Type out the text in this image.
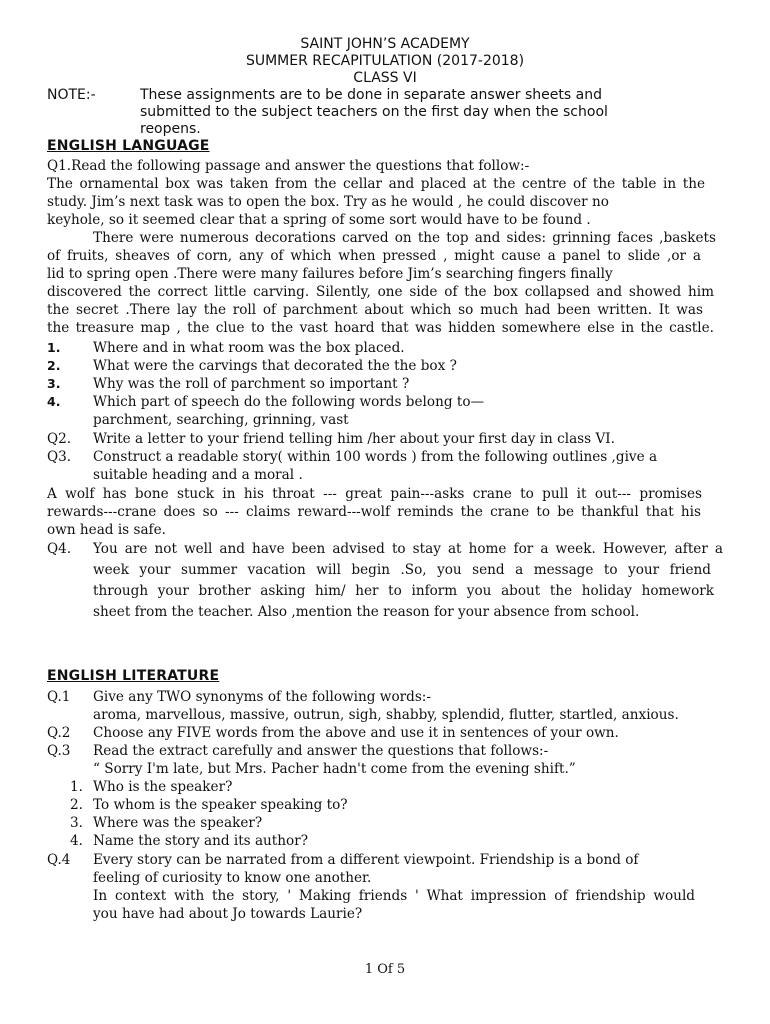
SAINT JOHN’S ACADEMY
SUMMER RECAPITULATION (2017-2018)
CLASS VI
NOTE:-	These assignments are to be done in separate answer sheets and
submitted to the subject teachers on the first day when the school
reopens.
ENGLISH LANGUAGE
Q1.Read the following passage and answer the questions that follow:-
The ornamental box was taken from the cellar and placed at the centre of the table in the
study. Jim’s next task was to open the box. Try as he would , he could discover no
keyhole, so it seemed clear that a spring of some sort would have to be found .
There were numerous decorations carved on the top and sides: grinning faces ,baskets
of fruits, sheaves of corn, any of which when pressed , might cause a panel to slide ,or a
lid to spring open .There were many failures before Jim’s searching fingers finally
discovered the correct little carving. Silently, one side of the box collapsed and showed him
the secret .There lay the roll of parchment about which so much had been written. It was
the treasure map , the clue to the vast hoard that was hidden somewhere else in the castle.
1. Where and in what room was the box placed.
2. What were the carvings that decorated the the box ?
3. Why was the roll of parchment so important ?
4. Which part of speech do the following words belong to—
parchment, searching, grinning, vast
Q2. Write a letter to your friend telling him /her about your first day in class VI.
Q3. Construct a readable story( within 100 words ) from the following outlines ,give a
suitable heading and a moral .
A wolf has bone stuck in his throat --- great pain---asks crane to pull it out--- promises
rewards---crane does so --- claims reward---wolf reminds the crane to be thankful that his
own head is safe.
Q4. You are not well and have been advised to stay at home for a week. However, after a
week your summer vacation will begin .So, you send a message to your friend
through your brother asking him/ her to inform you about the holiday homework
sheet from the teacher. Also ,mention the reason for your absence from school.
ENGLISH LITERATURE
Q.1 Give any TWO synonyms of the following words:-
aroma, marvellous, massive, outrun, sigh, shabby, splendid, flutter, startled, anxious.
Q.2 Choose any FIVE words from the above and use it in sentences of your own.
Q.3 Read the extract carefully and answer the questions that follows:-
“ Sorry I'm late, but Mrs. Pacher hadn't come from the evening shift.”
1. Who is the speaker?
2. To whom is the speaker speaking to?
3. Where was the speaker?
4. Name the story and its author?
Q.4 Every story can be narrated from a different viewpoint. Friendship is a bond of
feeling of curiosity to know one another.
In context with the story, ' Making friends ' What impression of friendship would
you have had about Jo towards Laurie?
1 Of 5
